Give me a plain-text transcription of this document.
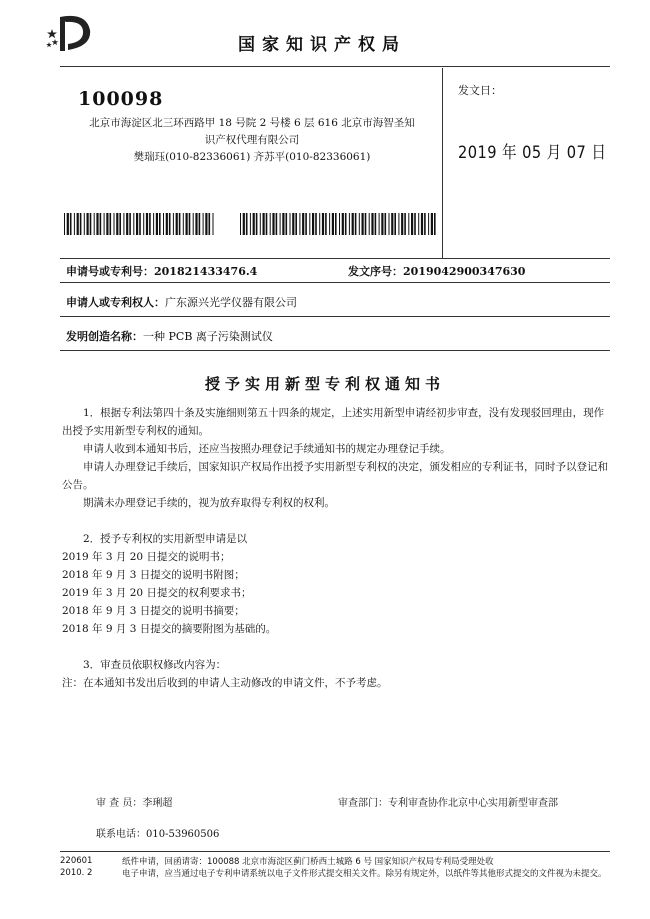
国家知识产权局
100098
北京市海淀区北三环西路甲 18 号院 2 号楼 6 层 616 北京市海智圣知
识产权代理有限公司
樊瑞珏(010-82336061) 齐苏平(010-82336061)
发文日：
2019 年 05 月 07 日
申请号或专利号：201821433476.4	发文序号：2019042900347630
申请人或专利权人：广东源兴光学仪器有限公司
发明创造名称：一种 PCB 离子污染测试仪
授予实用新型专利权通知书

1．根据专利法第四十条及实施细则第五十四条的规定，上述实用新型申请经初步审查，没有发现驳回理由，现作出授予实用新型专利权的通知。

申请人收到本通知书后，还应当按照办理登记手续通知书的规定办理登记手续。

申请人办理登记手续后，国家知识产权局作出授予实用新型专利权的决定，颁发相应的专利证书，同时予以登记和公告。

期满未办理登记手续的，视为放弃取得专利权的权利。

2．授予专利权的实用新型申请是以

2019 年 3 月 20 日提交的说明书；

2018 年 9 月 3 日提交的说明书附图；

2019 年 3 月 20 日提交的权利要求书；

2018 年 9 月 3 日提交的说明书摘要；

2018 年 9 月 3 日提交的摘要附图为基础的。

3．审查员依职权修改内容为：

注：在本通知书发出后收到的申请人主动修改的申请文件，不予考虑。

审 查 员：李琍超	审查部门：专利审查协作北京中心实用新型审查部
联系电话：010-53960506
220601
2010. 2
纸件申请，回函请寄：100088 北京市海淀区蓟门桥西土城路 6 号 国家知识产权局专利局受理处收
电子申请，应当通过电子专利申请系统以电子文件形式提交相关文件。除另有规定外，以纸件等其他形式提交的文件视为未提交。
